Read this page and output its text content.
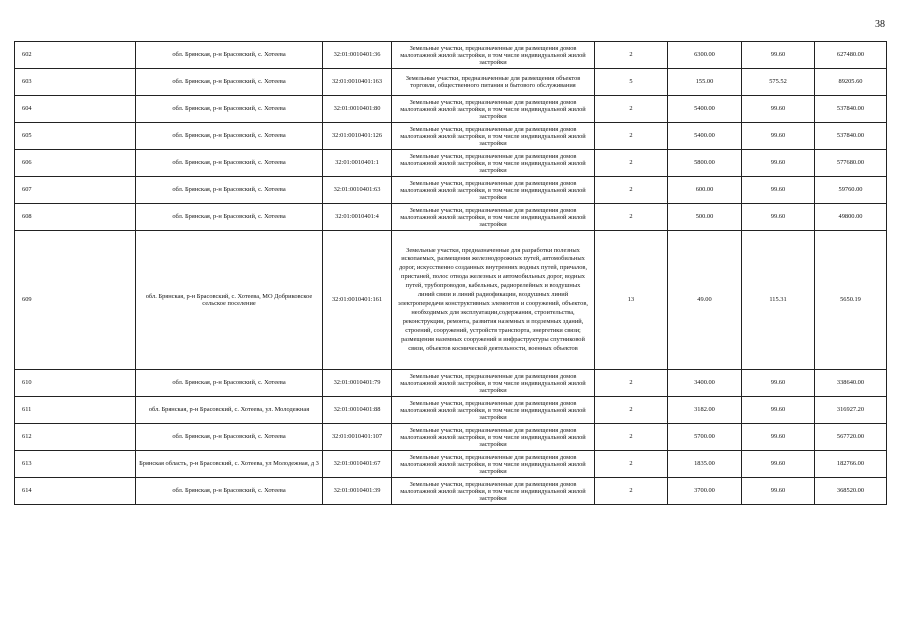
38
602	обл. Брянская, р-н Брасовский, с. Хотеева	32:01:0010401:36	Земельные участки, предназначенные для размещения домов малоэтажной жилой застройки, в том числе индивидуальной жилой застройки	2	6300.00	99.60	627480.00
603	обл. Брянская, р-н Брасовский, с. Хотеева	32:01:0010401:163	Земельные участки, предназначенные для размещения объектов торговли, общественного питания и бытового обслуживания	5	155.00	575.52	89205.60
604	обл. Брянская, р-н Брасовский, с. Хотеева	32:01:0010401:80	Земельные участки, предназначенные для размещения домов малоэтажной жилой застройки, в том числе индивидуальной жилой застройки	2	5400.00	99.60	537840.00
605	обл. Брянская, р-н Брасовский, с. Хотеева	32:01:0010401:126	Земельные участки, предназначенные для размещения домов малоэтажной жилой застройки, в том числе индивидуальной жилой застройки	2	5400.00	99.60	537840.00
606	обл. Брянская, р-н Брасовский, с. Хотеева	32:01:0010401:1	Земельные участки, предназначенные для размещения домов малоэтажной жилой застройки, в том числе индивидуальной жилой застройки	2	5800.00	99.60	577680.00
607	обл. Брянская, р-н Брасовский, с. Хотеева	32:01:0010401:63	Земельные участки, предназначенные для размещения домов малоэтажной жилой застройки, в том числе индивидуальной жилой застройки	2	600.00	99.60	59760.00
608	обл. Брянская, р-н Брасовский, с. Хотеева	32:01:0010401:4	Земельные участки, предназначенные для размещения домов малоэтажной жилой застройки, в том числе индивидуальной жилой застройки	2	500.00	99.60	49800.00
609	обл. Брянская, р-н Брасовский, с. Хотеева, МО Добриковское сельское поселение	32:01:0010401:161	Земельные участки, предназначенные для разработки полезных ископаемых, размещения железнодорожных путей, автомобильных дорог, искусственно созданных внутренних водных путей, причалов, пристаней, полос отвода железных и автомобильных дорог, водных путей, трубопроводов, кабельных, радиорелейных и воздушных линий связи и линий радиофикации, воздушных линий электропередачи конструктивных элементов и сооружений, объектов, необходимых для эксплуатации,содержания, строительства, реконструкции, ремонта, развития наземных и подземных зданий, строений, сооружений, устройств транспорта, энергетики связи; размещения наземных сооружений и инфраструктуры спутниковой связи, объектов космической деятельности, военных объектов	13	49.00	115.31	5650.19
610	обл. Брянская, р-н Брасовский, с. Хотеева	32:01:0010401:79	Земельные участки, предназначенные для размещения домов малоэтажной жилой застройки, в том числе индивидуальной жилой застройки	2	3400.00	99.60	338640.00
611	обл. Брянская, р-н Брасовский, с. Хотеева, ул. Молодежная	32:01:0010401:88	Земельные участки, предназначенные для размещения домов малоэтажной жилой застройки, в том числе индивидуальной жилой застройки	2	3182.00	99.60	316927.20
612	обл. Брянская, р-н Брасовский, с. Хотеева	32:01:0010401:107	Земельные участки, предназначенные для размещения домов малоэтажной жилой застройки, в том числе индивидуальной жилой застройки	2	5700.00	99.60	567720.00
613	Брянская область, р-н Брасовский, с. Хотеева, ул Молодежная, д 3	32:01:0010401:67	Земельные участки, предназначенные для размещения домов малоэтажной жилой застройки, в том числе индивидуальной жилой застройки	2	1835.00	99.60	182766.00
614	обл. Брянская, р-н Брасовский, с. Хотеева	32:01:0010401:39	Земельные участки, предназначенные для размещения домов малоэтажной жилой застройки, в том числе индивидуальной жилой застройки	2	3700.00	99.60	368520.00
